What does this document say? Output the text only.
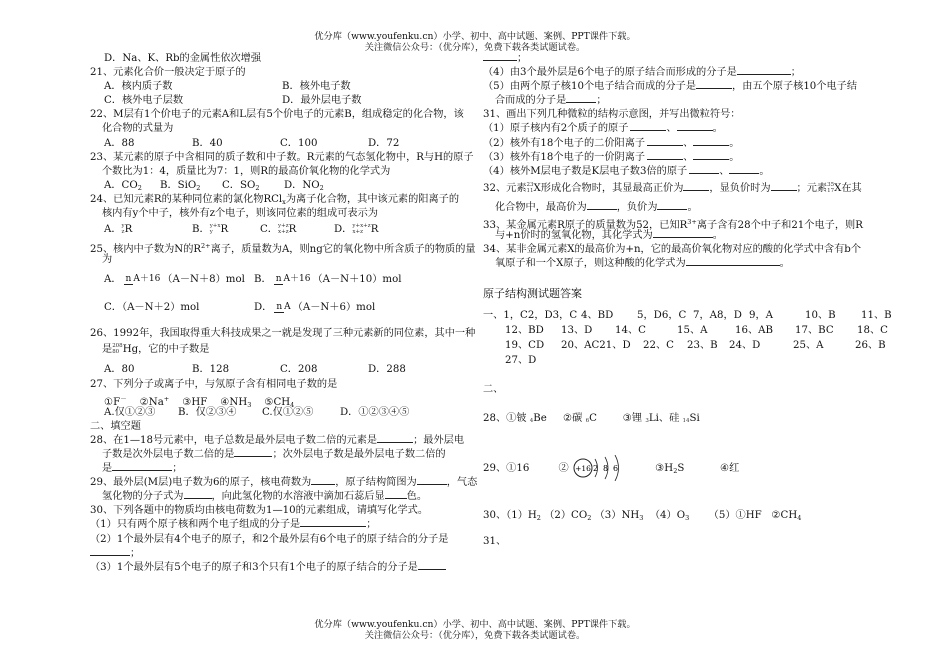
优分库（www.youfenku.cn）小学、初中、高中试题、案例、PPT课件下载。
关注微信公众号：（优分库），免费下载各类试题试卷。
D．Na、K、Rb的金属性依次增强
21、元素化合价一般决定于原子的
A．核内质子数	B．核外电子数
C．核外电子层数	D．最外层电子数
22、M层有1个价电子的元素A和L层有5个价电子的元素B，组成稳定的化合物，该
化合物的式量为
A．88	B．40	C．100	D．72
23、某元素的原子中含相同的质子数和中子数。R元素的气态氢化物中，R与H的原子
个数比为1：4，质量比为7：1，则R的最高价氧化物的化学式为
A．CO2	B．SiO2	C．SO2	D．NO2
24、已知元素R的某种同位素的氯化物RCl$_x$为离子化合物，其中该元素的阳离子的
核内有y个中子，核外有z个电子，则该同位素的组成可表示为
A．y
zR	B．y+x
y R	C．y+z
x+zR	D．y+x+z
x+z R
25、核内中子数为N的$R^{2+}$离子，质量数为A，则ng它的氧化物中所含质子的物质的量
为
A． n A＋16 （A－N＋8）mol B． n A＋16 （A－N＋10）mol
C．（A－N＋2）mol	D． n A （A－N＋6）mol
26、1992年，我国取得重大科技成果之一就是发现了三种元素新的同位素，其中一种
是208
80 Hg，它的中子数是
A．80	B．128	C．208	D．288
27、下列分子或离子中，与氖原子含有相同电子数的是
①F－ ②Na+ ③HF $④NH_3$ $⑤CH_4$
A.仅①②③	B．仅②③④	C.仅①②⑤	D．①②③④⑤
二、填空题
28、在1—18号元素中，电子总数是最外层电子数二倍的元素是	；最外层电
子数是次外层电子数二倍的是	；次外层电子数是最外层电子数二倍的
是	；
29、最外层(M层)电子数为6的原子，核电荷数为 ，原子结构简图为	，气态
氢化物的分子式为	，向此氢化物的水溶液中滴加石蕊后显 色。
30、下列各题中的物质均由核电荷数为1—10的元素组成，请填写化学式。
（1）只有两个原子核和两个电子组成的分子是	；
（2）1个最外层有4个电子的原子，和2个最外层有6个电子的原子结合的分子是
；
（3）1个最外层有5个电子的原子和3个只有1个电子的原子结合的分子是
；
（4）由3个最外层是6个电子的原子结合而形成的分子是	；
（5）由两个原子核10个电子结合而成的分子是	，由五个原子核10个电子结
合而成的分子是	；
31、画出下列几种微粒的结构示意图，并写出微粒符号：
（1）原子核内有2个质子的原子	、	。
（2）核外有18个电子的二价阳离子	、	。
（3）核外有18个电子的一价阴离子	、	。
（4）核外M层电子数是K层电子数3倍的原子	、	。
32、元素23
11X形成化合物时，其显最高正价为	，显负价时为	；元素35
17X在其
化合物中，最高价为	，负价为	。
33、某金属元素R原子的质量数为52，已知$R^{3+}$离子含有28个中子和21个电子，则R
与+n价时的氢氧化物，其化学式为	。
34、某非金属元素X的最高价为+n，它的最高价氧化物对应的酸的化学式中含有b个
氧原子和一个X原子，则这种酸的化学式为	。
原子结构测试题答案
一、1，C2，D3，C 4、BD	5，D6，C 7，A8，D 9，A	10、B	11、B
12、BD	13、D	14、C	15、A	16、AB	17、BC	18、C
19、CD	20、AC21、D	22、C	23、B	24、D	25、A	26、B
27、D
二、
28、①铍 4Be ②碳 6C	③锂 3Li、硅 14Si
29、①16	② +16 2 8 6	$③H_2S$	④红
30、$(1)H_2$ $(2)CO_2$ $(3)NH_3$ $(4)O_3$ （5）①HF $②CH_4$
31、
优分库（www.youfenku.cn）小学、初中、高中试题、案例、PPT课件下载。
关注微信公众号：（优分库），免费下载各类试题试卷。
